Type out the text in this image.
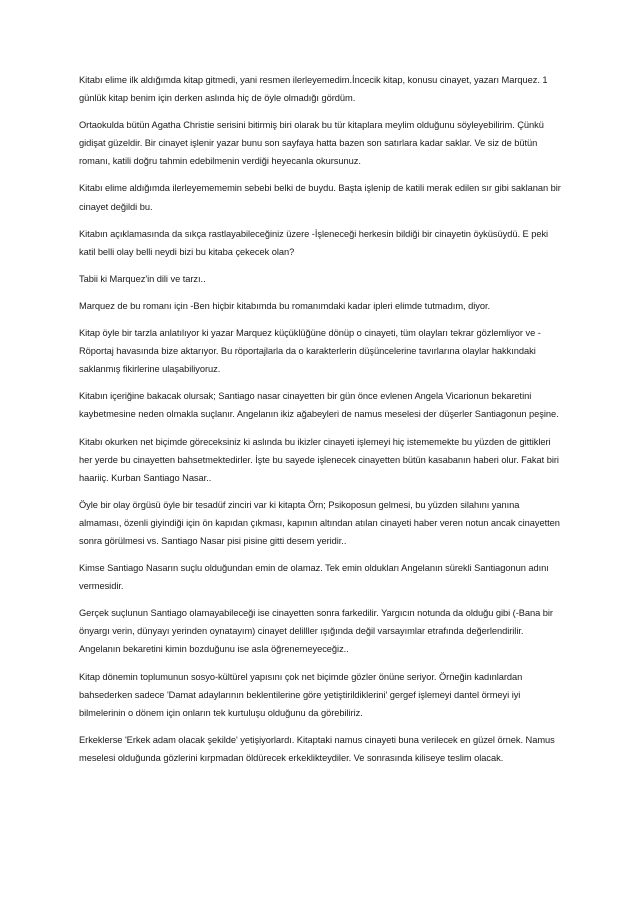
Kitabı elime ilk aldığımda kitap gitmedi, yani resmen ilerleyemedim.İncecik kitap, konusu cinayet, yazarı Marquez. 1 günlük kitap benim için derken aslında hiç de öyle olmadığı gördüm.

Ortaokulda bütün Agatha Christie serisini bitirmiş biri olarak bu tür kitaplara meylim olduğunu söyleyebilirim. Çünkü gidişat güzeldir. Bir cinayet işlenir yazar bunu son sayfaya hatta bazen son satırlara kadar saklar. Ve siz de bütün romanı, katili doğru tahmin edebilmenin verdiği heyecanla okursunuz.

Kitabı elime aldığımda ilerleyemememin sebebi belki de buydu. Başta işlenip de katili merak edilen sır gibi saklanan bir cinayet değildi bu.

Kitabın açıklamasında da sıkça rastlayabileceğiniz üzere -İşleneceği herkesin bildiği bir cinayetin öyküsüydü. E peki katil belli olay belli neydi bizi bu kitaba çekecek olan?

Tabii ki Marquez'in dili ve tarzı..

Marquez de bu romanı için -Ben hiçbir kitabımda bu romanımdaki kadar ipleri elimde tutmadım, diyor.

Kitap öyle bir tarzla anlatılıyor ki yazar Marquez küçüklüğüne dönüp o cinayeti, tüm olayları tekrar gözlemliyor ve -Röportaj havasında bize aktarıyor. Bu röportajlarla da o karakterlerin düşüncelerine tavırlarına olaylar hakkındaki saklanmış fikirlerine ulaşabiliyoruz.

Kitabın içeriğine bakacak olursak; Santiago nasar cinayetten bir gün önce evlenen Angela Vicarionun bekaretini kaybetmesine neden olmakla suçlanır. Angelanın ikiz ağabeyleri de namus meselesi der düşerler Santiagonun peşine.

Kitabı okurken net biçimde göreceksiniz ki aslında bu ikizler cinayeti işlemeyi hiç istememekte bu yüzden de gittikleri her yerde bu cinayetten bahsetmektedirler. İşte bu sayede işlenecek cinayetten bütün kasabanın haberi olur. Fakat biri haariiç. Kurban Santiago Nasar..

Öyle bir olay örgüsü öyle bir tesadüf zinciri var ki kitapta Örn; Psikoposun gelmesi, bu yüzden silahını yanına almaması, özenli giyindiği için ön kapıdan çıkması, kapının altından atılan cinayeti haber veren notun ancak cinayetten sonra görülmesi vs. Santiago Nasar pisi pisine gitti desem yeridir..

Kimse Santiago Nasarın suçlu olduğundan emin de olamaz. Tek emin oldukları Angelanın sürekli Santiagonun adını vermesidir.

Gerçek suçlunun Santiago olamayabileceği ise cinayetten sonra farkedilir. Yargıcın notunda da olduğu gibi (-Bana bir önyargı verin, dünyayı yerinden oynatayım) cinayet delilller ışığında değil varsayımlar etrafında değerlendirilir. Angelanın bekaretini kimin bozduğunu ise asla öğrenemeyeceğiz..

Kitap dönemin toplumunun sosyo-kültürel yapısını çok net biçimde gözler önüne seriyor. Örneğin kadınlardan bahsederken sadece 'Damat adaylarının beklentilerine göre yetiştirildiklerini' gergef işlemeyi dantel örmeyi iyi bilmelerinin o dönem için onların tek kurtuluşu olduğunu da görebiliriz.

Erkeklerse 'Erkek adam olacak şekilde' yetişiyorlardı. Kitaptaki namus cinayeti buna verilecek en güzel örnek. Namus meselesi olduğunda gözlerini kırpmadan öldürecek erkeklikteydiler. Ve sonrasında kiliseye teslim olacak.
